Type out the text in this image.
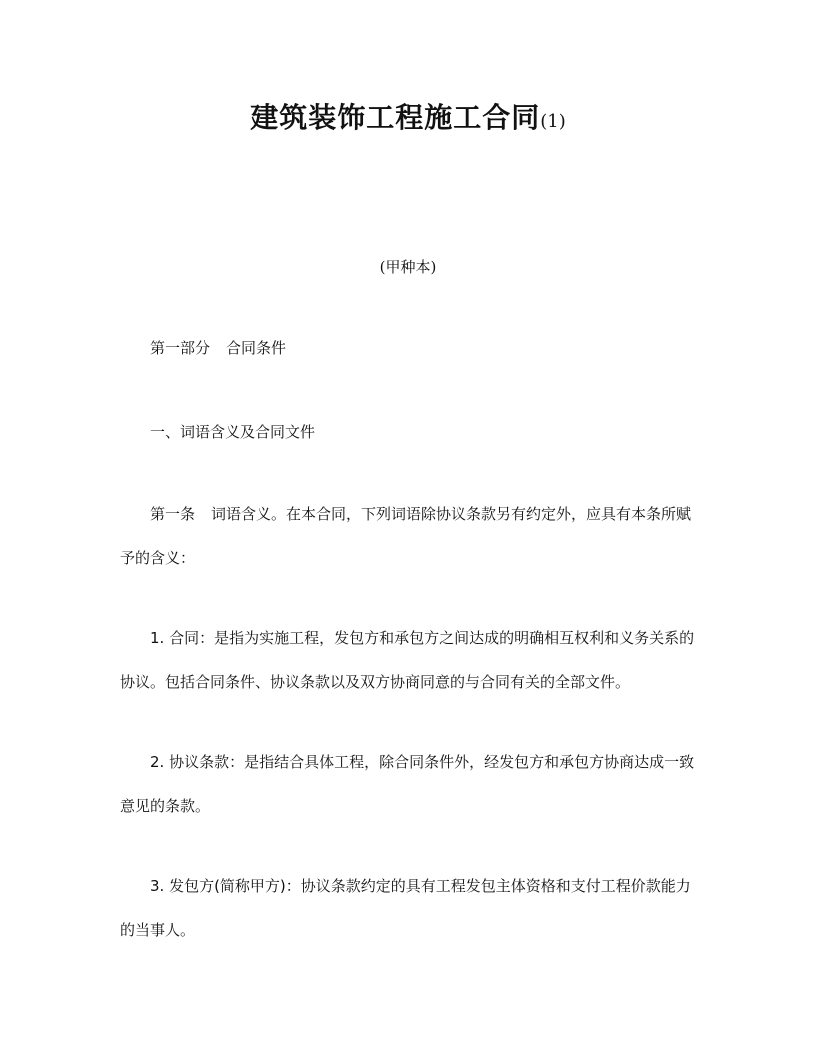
建筑装饰工程施工合同(1)
(甲种本)
第一部分 合同条件
一、词语含义及合同文件
第一条 词语含义。在本合同，下列词语除协议条款另有约定外，应具有本条所赋予的含义：
1. 合同：是指为实施工程，发包方和承包方之间达成的明确相互权利和义务关系的协议。包括合同条件、协议条款以及双方协商同意的与合同有关的全部文件。
2. 协议条款：是指结合具体工程，除合同条件外，经发包方和承包方协商达成一致意见的条款。
3. 发包方(简称甲方)：协议条款约定的具有工程发包主体资格和支付工程价款能力的当事人。
